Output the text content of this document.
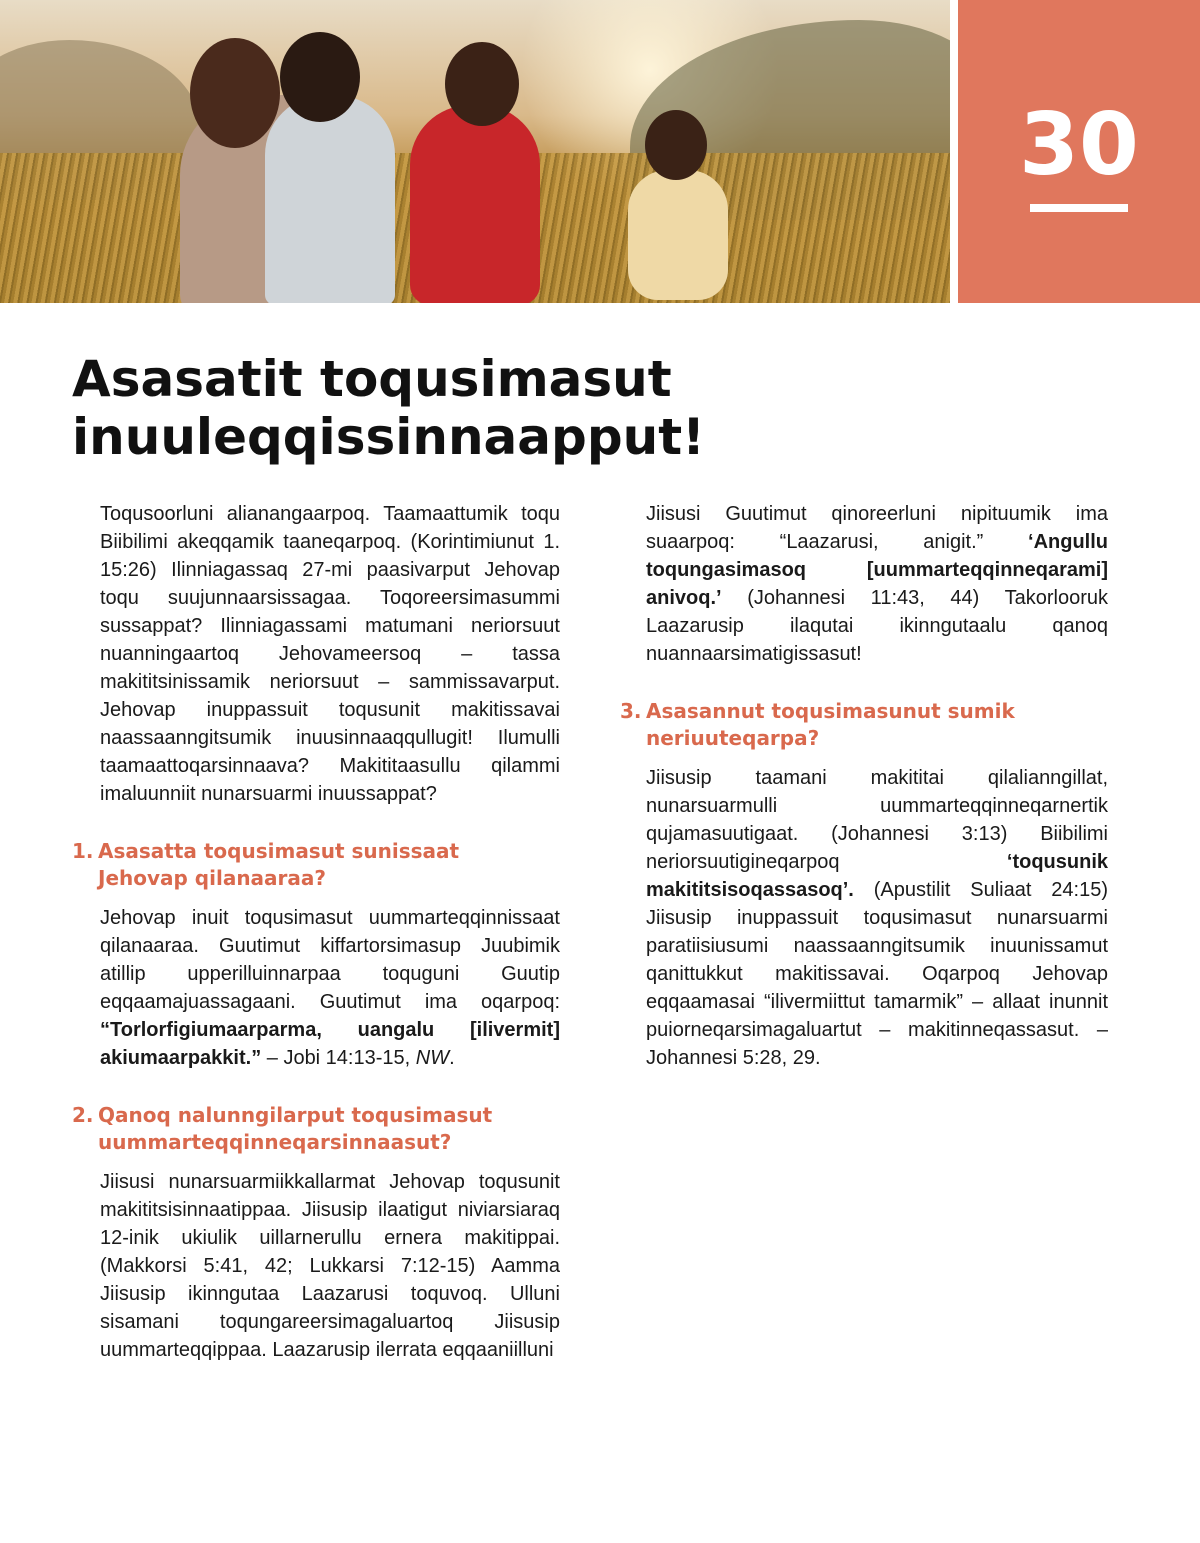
30
Asasatit toqusimasut inuuleqqissinnaapput!

Toqusoorluni alianangaarpoq. Taamaattumik toqu Biibilimi akeqqamik taaneqarpoq. (Korintimiunut 1. 15:26) Ilinniagassaq 27-mi paasivarput Jehovap toqu suujunnaarsissagaa. Toqoreersimasummi sussappat? Ilinniagassami matumani neriorsuut nuanningaartoq Jehovameersoq – tassa makititsinissamik neriorsuut – sammissavarput. Jehovap inuppassuit toqusunit makitissavai naassaanngitsumik inuusinnaaqqullugit! Ilumulli taamaattoqarsinnaava? Makititaasullu qilammi imaluunniit nunarsuarmi inuussappat?

1. Asasatta toqusimasut sunissaat Jehovap qilanaaraa?

Jehovap inuit toqusimasut uummarteqqinnissaat qilanaaraa. Guutimut kiffartorsimasup Juubimik atillip upperilluinnarpaa toquguni Guutip eqqaamajuassagaani. Guutimut ima oqarpoq: “Torlorfigiumaarparma, uangalu [ilivermit] akiumaarpakkit.” – Jobi 14:13-15, NW.

2. Qanoq nalunngilarput toqusimasut uummarteqqinneqarsinnaasut?

Jiisusi nunarsuarmiikkallarmat Jehovap toqusunit makititsisinnaatippaa. Jiisusip ilaatigut niviarsiaraq 12-inik ukiulik uillarnerullu ernera makitippai. (Makkorsi 5:41, 42; Lukkarsi 7:12-15) Aamma Jiisusip ikinngutaa Laazarusi toquvoq. Ulluni sisamani toqungareersimagaluartoq Jiisusip uummarteqqippaa. Laazarusip ilerrata eqqaaniilluni

Jiisusi Guutimut qinoreerluni nipituumik ima suaarpoq: “Laazarusi, anigit.” ‘Angullu toqungasimasoq [uummarteqqinneqarami] anivoq.’ (Johannesi 11:43, 44) Takorlooruk Laazarusip ilaqutai ikinngutaalu qanoq nuannaarsimatigissasut!

3. Asasannut toqusimasunut sumik neriuuteqarpa?

Jiisusip taamani makititai qilalianngillat, nunarsuarmulli uummarteqqinneqarnertik qujamasuutigaat. (Johannesi 3:13) Biibilimi neriorsuutigineqarpoq ‘toqusunik makititsisoqassasoq’. (Apustilit Suliaat 24:15) Jiisusip inuppassuit toqusimasut nunarsuarmi paratiisiusumi naassaanngitsumik inuunissamut qanittukkut makitissavai. Oqarpoq Jehovap eqqaamasai “ilivermiittut tamarmik” – allaat inunnit puiorneqarsimagaluartut – makitinneqassasut. – Johannesi 5:28, 29.
